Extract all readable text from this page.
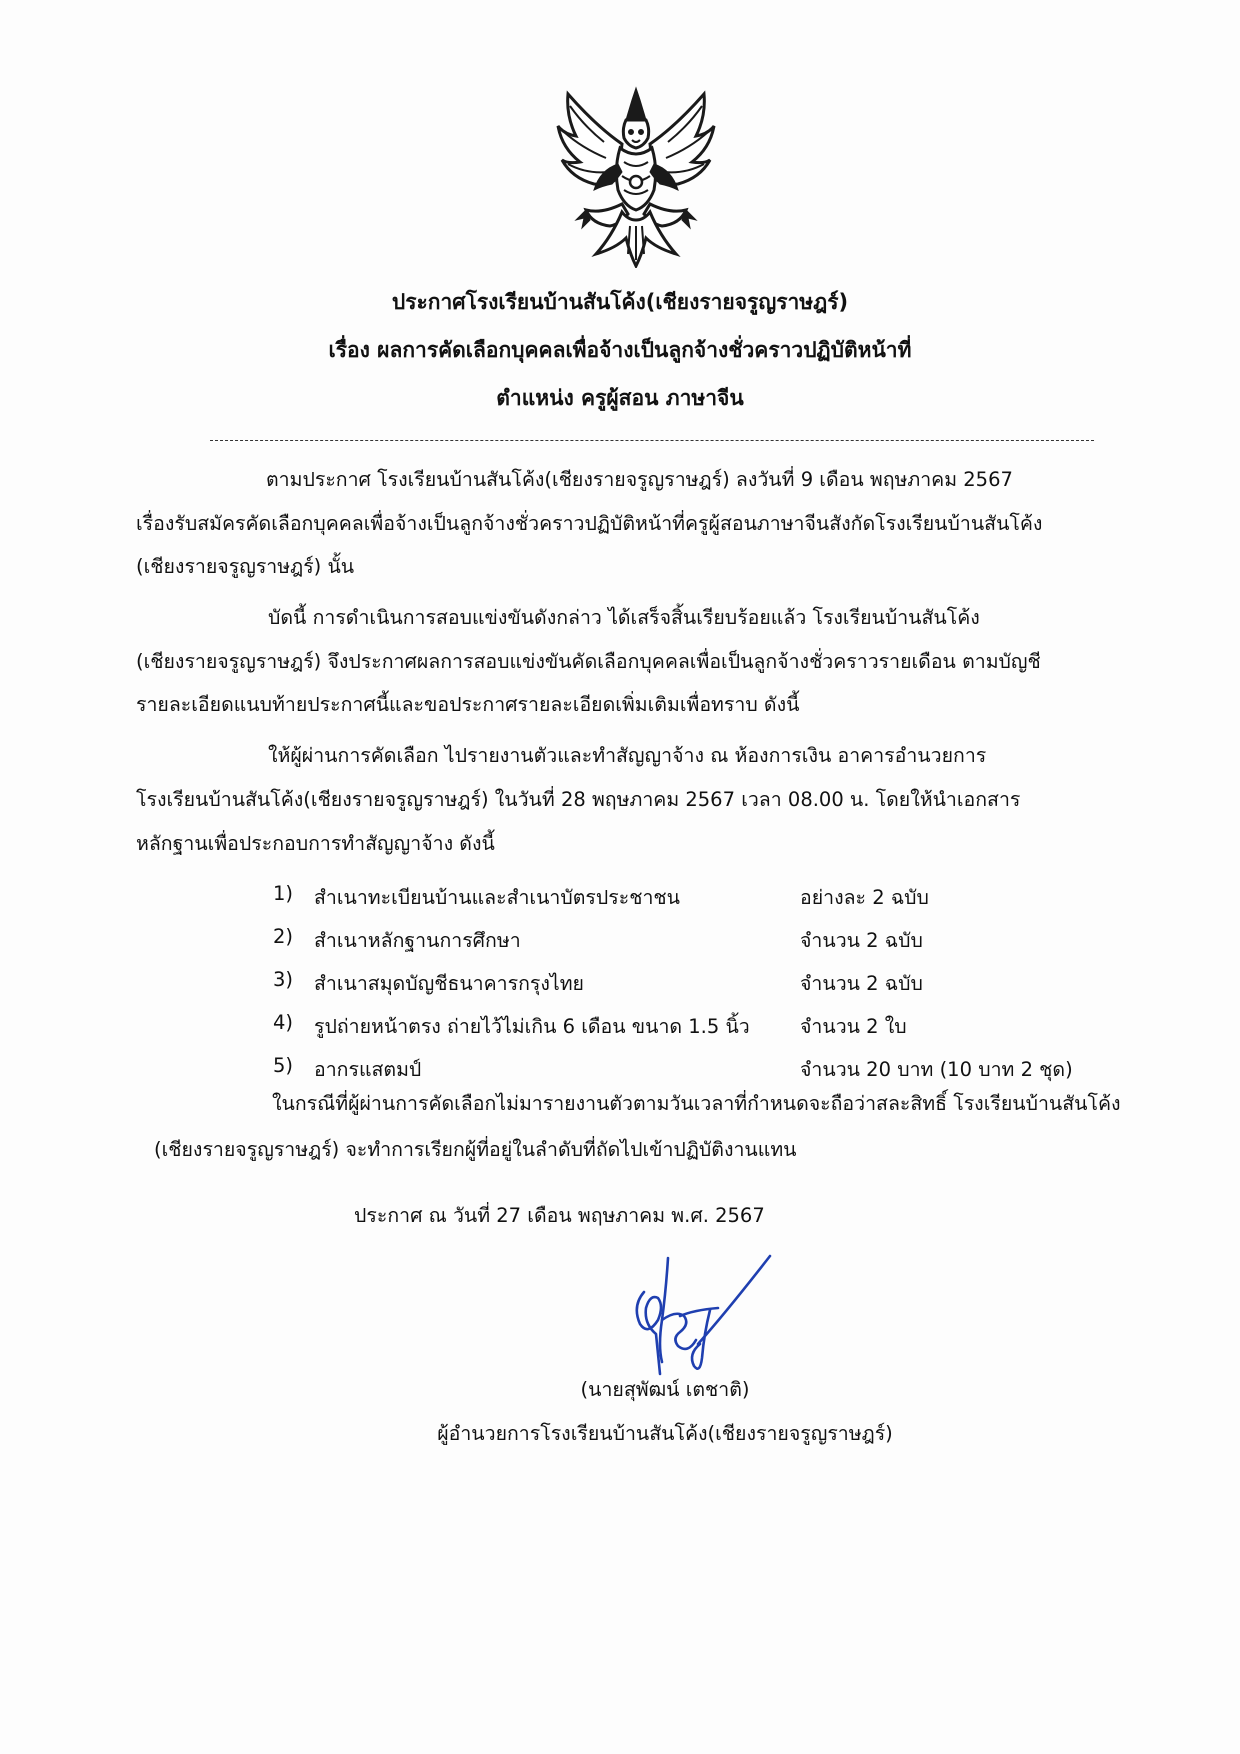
ประกาศโรงเรียนบ้านสันโค้ง(เชียงรายจรูญราษฎร์)
เรื่อง ผลการคัดเลือกบุคคลเพื่อจ้างเป็นลูกจ้างชั่วคราวปฏิบัติหน้าที่
ตำแหน่ง ครูผู้สอน ภาษาจีน
ตามประกาศ โรงเรียนบ้านสันโค้ง(เชียงรายจรูญราษฎร์) ลงวันที่ 9 เดือน พฤษภาคม 2567
เรื่องรับสมัครคัดเลือกบุคคลเพื่อจ้างเป็นลูกจ้างชั่วคราวปฏิบัติหน้าที่ครูผู้สอนภาษาจีนสังกัดโรงเรียนบ้านสันโค้ง
(เชียงรายจรูญราษฎร์) นั้น
บัดนี้ การดำเนินการสอบแข่งขันดังกล่าว ได้เสร็จสิ้นเรียบร้อยแล้ว โรงเรียนบ้านสันโค้ง
(เชียงรายจรูญราษฎร์) จึงประกาศผลการสอบแข่งขันคัดเลือกบุคคลเพื่อเป็นลูกจ้างชั่วคราวรายเดือน ตามบัญชี
รายละเอียดแนบท้ายประกาศนี้และขอประกาศรายละเอียดเพิ่มเติมเพื่อทราบ ดังนี้
ให้ผู้ผ่านการคัดเลือก ไปรายงานตัวและทำสัญญาจ้าง ณ ห้องการเงิน อาคารอำนวยการ
โรงเรียนบ้านสันโค้ง(เชียงรายจรูญราษฎร์) ในวันที่ 28 พฤษภาคม 2567 เวลา 08.00 น. โดยให้นำเอกสาร
หลักฐานเพื่อประกอบการทำสัญญาจ้าง ดังนี้
1) สำเนาทะเบียนบ้านและสำเนาบัตรประชาชน	อย่างละ 2 ฉบับ
2) สำเนาหลักฐานการศึกษา	จำนวน 2 ฉบับ
3) สำเนาสมุดบัญชีธนาคารกรุงไทย	จำนวน 2 ฉบับ
4) รูปถ่ายหน้าตรง ถ่ายไว้ไม่เกิน 6 เดือน ขนาด 1.5 นิ้ว	จำนวน 2 ใบ
5) อากรแสตมป์	จำนวน 20 บาท (10 บาท 2 ชุด)
ในกรณีที่ผู้ผ่านการคัดเลือกไม่มารายงานตัวตามวันเวลาที่กำหนดจะถือว่าสละสิทธิ์ โรงเรียนบ้านสันโค้ง
(เชียงรายจรูญราษฎร์) จะทำการเรียกผู้ที่อยู่ในลำดับที่ถัดไปเข้าปฏิบัติงานแทน
ประกาศ ณ วันที่ 27 เดือน พฤษภาคม พ.ศ. 2567
(นายสุพัฒน์ เตชาติ)
ผู้อำนวยการโรงเรียนบ้านสันโค้ง(เชียงรายจรูญราษฎร์)
